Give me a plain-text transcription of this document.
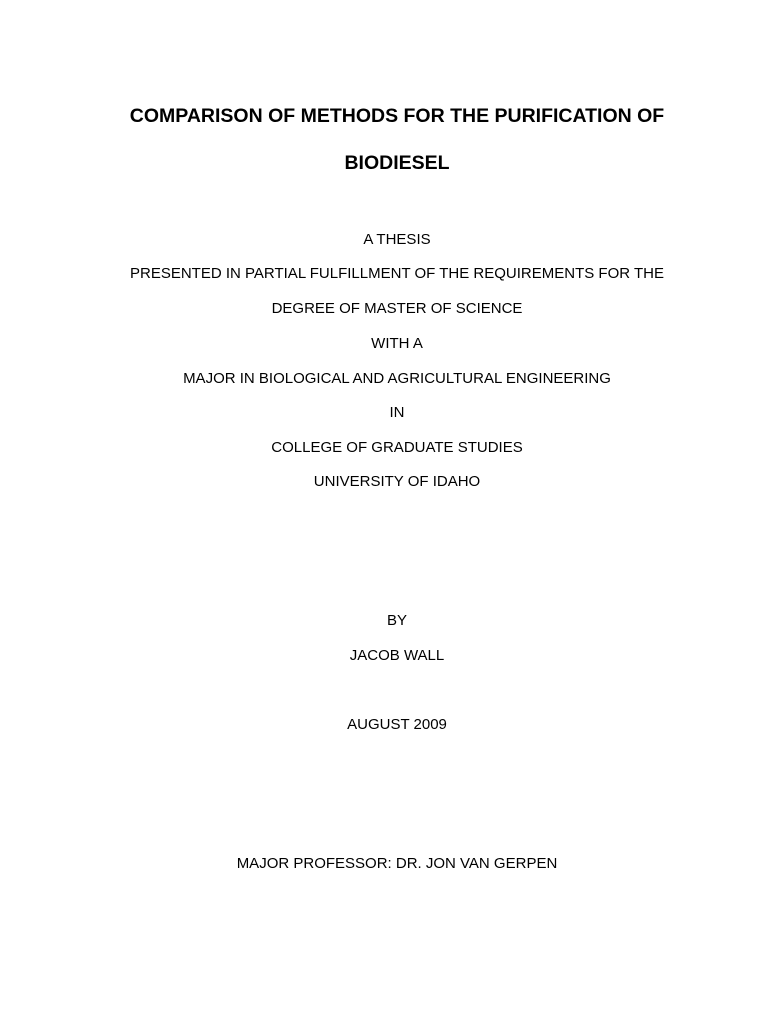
COMPARISON OF METHODS FOR THE PURIFICATION OF
BIODIESEL
A THESIS
PRESENTED IN PARTIAL FULFILLMENT OF THE REQUIREMENTS FOR THE
DEGREE OF MASTER OF SCIENCE
WITH A
MAJOR IN BIOLOGICAL AND AGRICULTURAL ENGINEERING
IN
COLLEGE OF GRADUATE STUDIES
UNIVERSITY OF IDAHO
BY
JACOB WALL
AUGUST 2009
MAJOR PROFESSOR: DR. JON VAN GERPEN
